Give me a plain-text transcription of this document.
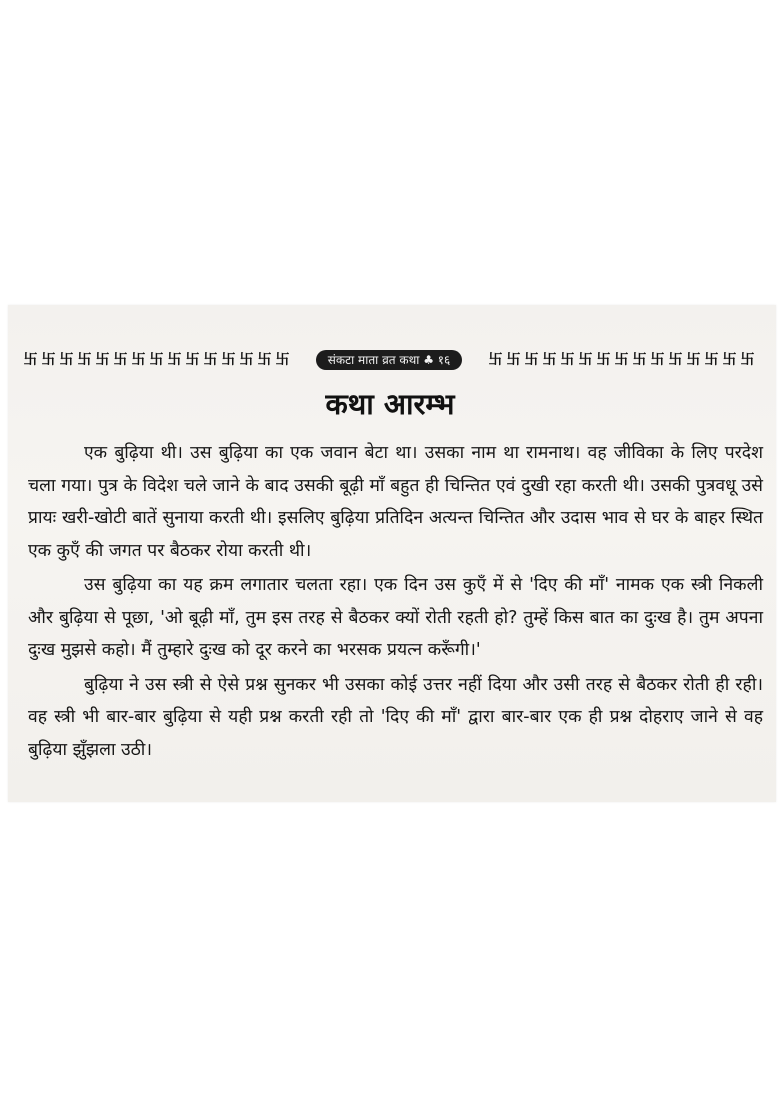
卐 卐 卐 卐 卐 卐 卐 卐 卐 卐 卐 卐 卐 卐 卐	संकटा माता व्रत कथा ♣ १६	卐 卐 卐 卐 卐 卐 卐 卐 卐 卐 卐 卐 卐 卐 卐
कथा आरम्भ

एक बुढ़िया थी। उस बुढ़िया का एक जवान बेटा था। उसका नाम था रामनाथ। वह जीविका के लिए परदेश चला गया। पुत्र के विदेश चले जाने के बाद उसकी बूढ़ी माँ बहुत ही चिन्तित एवं दुखी रहा करती थी। उसकी पुत्रवधू उसे प्रायः खरी-खोटी बातें सुनाया करती थी। इसलिए बुढ़िया प्रतिदिन अत्यन्त चिन्तित और उदास भाव से घर के बाहर स्थित एक कुएँ की जगत पर बैठकर रोया करती थी।

उस बुढ़िया का यह क्रम लगातार चलता रहा। एक दिन उस कुएँ में से 'दिए की माँ' नामक एक स्त्री निकली और बुढ़िया से पूछा, 'ओ बूढ़ी माँ, तुम इस तरह से बैठकर क्यों रोती रहती हो? तुम्हें किस बात का दुःख है। तुम अपना दुःख मुझसे कहो। मैं तुम्हारे दुःख को दूर करने का भरसक प्रयत्न करूँगी।'

बुढ़िया ने उस स्त्री से ऐसे प्रश्न सुनकर भी उसका कोई उत्तर नहीं दिया और उसी तरह से बैठकर रोती ही रही। वह स्त्री भी बार-बार बुढ़िया से यही प्रश्न करती रही तो 'दिए की माँ' द्वारा बार-बार एक ही प्रश्न दोहराए जाने से वह बुढ़िया झुँझला उठी।
